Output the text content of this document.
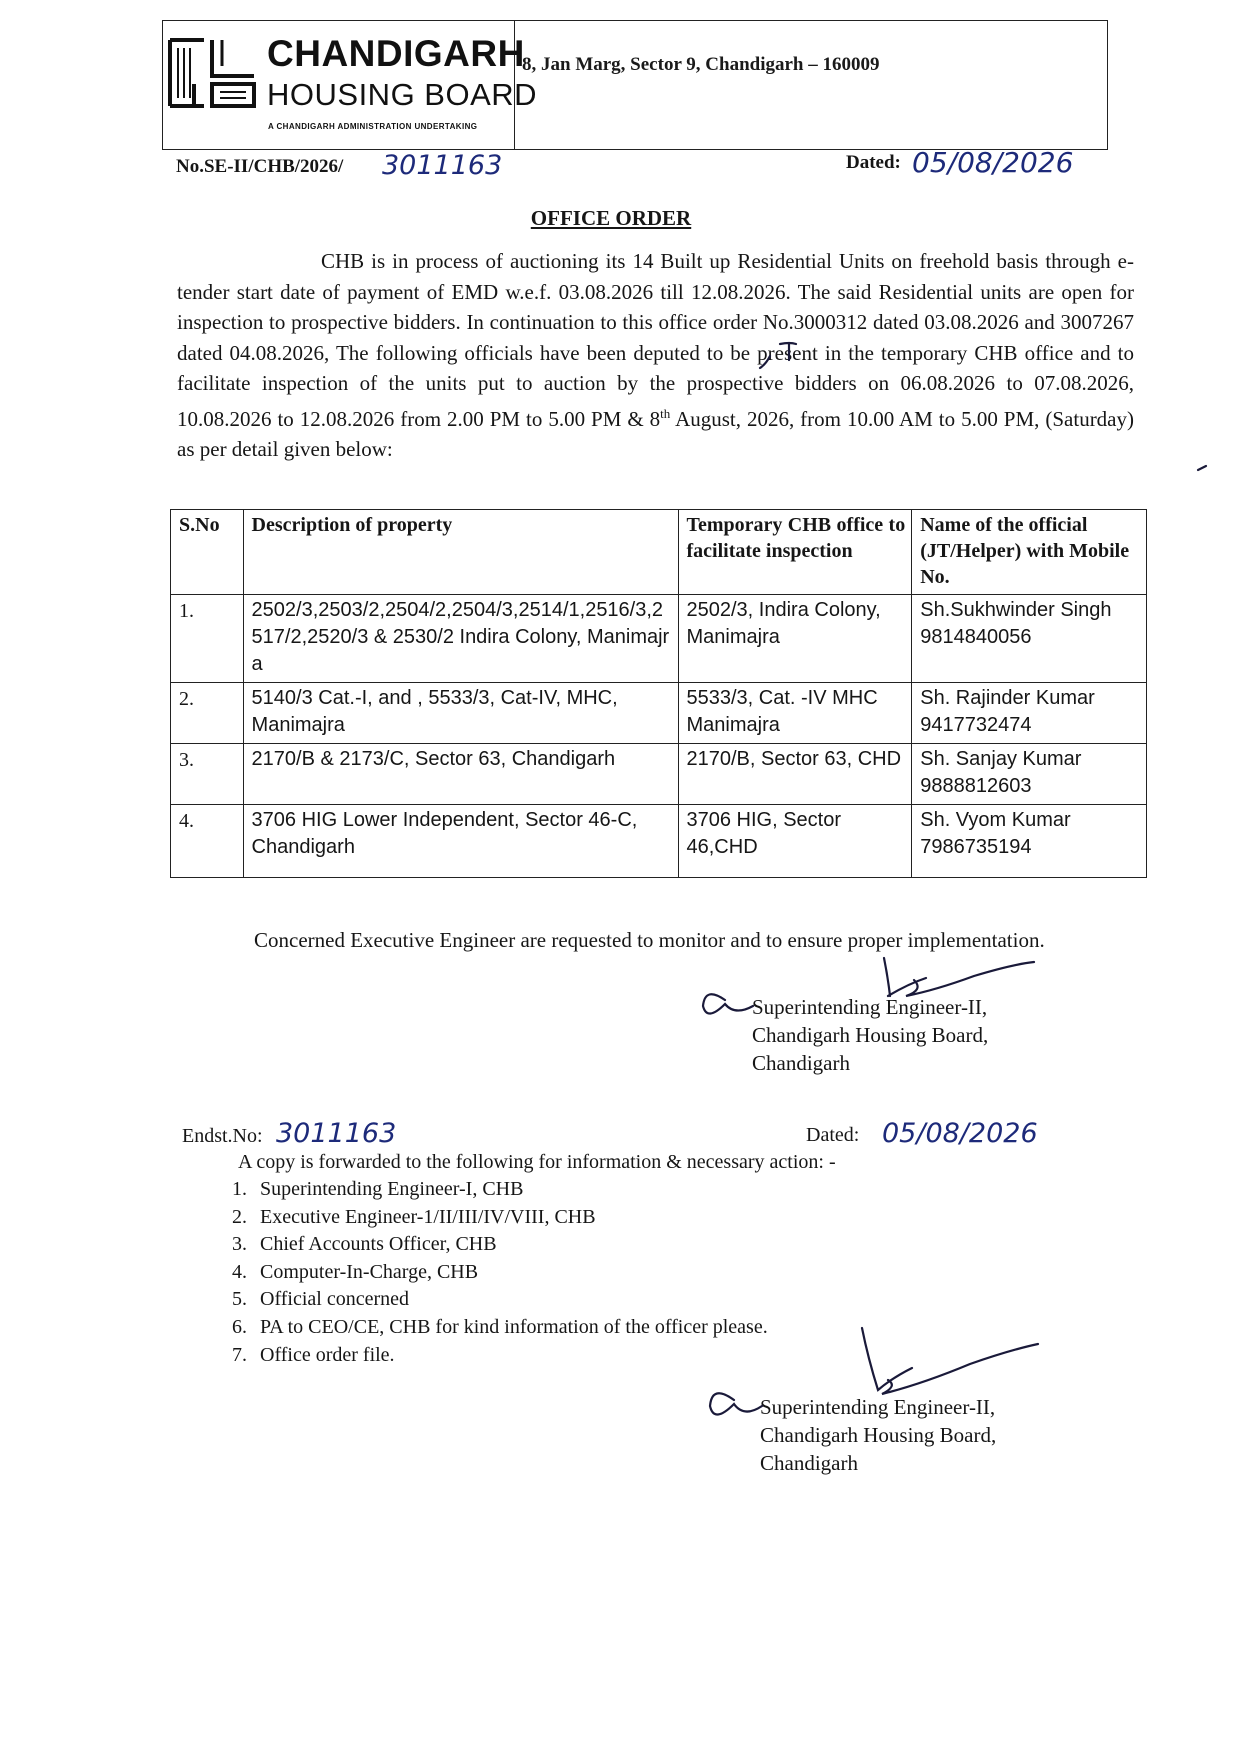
CHANDIGARH
HOUSING BOARD
A CHANDIGARH ADMINISTRATION UNDERTAKING
8, Jan Marg, Sector 9, Chandigarh – 160009
No.SE-II/CHB/2026/ 3011163	Dated: 05/08/2026
OFFICE ORDER
CHB is in process of auctioning its 14 Built up Residential Units on freehold basis through e-tender start date of payment of EMD w.e.f. 03.08.2026 till 12.08.2026. The said Residential units are open for inspection to prospective bidders. In continuation to this office order No.3000312 dated 03.08.2026 and 3007267 dated 04.08.2026, The following officials have been deputed to be present in the temporary CHB office and to facilitate inspection of the units put to auction by the prospective bidders on 06.08.2026 to 07.08.2026, 10.08.2026 to 12.08.2026 from 2.00 PM to 5.00 PM & 8th August, 2026, from 10.00 AM to 5.00 PM, (Saturday) as per detail given below:
S.No	Description of property	Temporary CHB office to facilitate inspection	Name of the official (JT/Helper) with Mobile No.
1.	2502/3,2503/2,2504/2,2504/3,2514/1,2516/3,2517/2,2520/3 & 2530/2 Indira Colony, Manimajra	2502/3, Indira Colony, Manimajra	Sh.Sukhwinder Singh
9814840056

2.	5140/3 Cat.-I, and , 5533/3, Cat-IV, MHC, Manimajra	5533/3, Cat. -IV MHC Manimajra	Sh. Rajinder Kumar
9417732474

3.	2170/B & 2173/C, Sector 63, Chandigarh	2170/B, Sector 63, CHD	Sh. Sanjay Kumar
9888812603

4.	3706 HIG Lower Independent, Sector 46-C, Chandigarh	3706 HIG, Sector 46,CHD	Sh. Vyom Kumar
7986735194
Concerned Executive Engineer are requested to monitor and to ensure proper implementation.
Superintending Engineer-II,
Chandigarh Housing Board,
Chandigarh
Endst.No: 3011163	Dated: 05/08/2026
A copy is forwarded to the following for information & necessary action: -
1. Superintending Engineer-I, CHB
2. Executive Engineer-1/II/III/IV/VIII, CHB
3. Chief Accounts Officer, CHB
4. Computer-In-Charge, CHB
5. Official concerned
6. PA to CEO/CE, CHB for kind information of the officer please.
7. Office order file.
Superintending Engineer-II,
Chandigarh Housing Board,
Chandigarh
